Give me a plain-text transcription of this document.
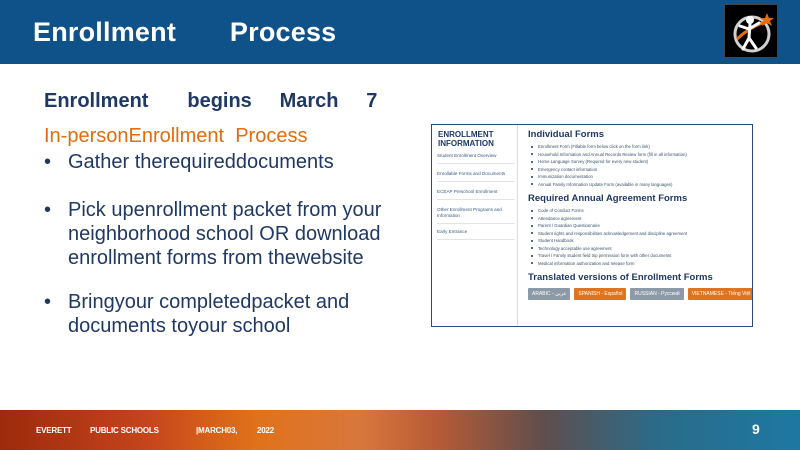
Enrollment       Process
Enrollment       begins     March     7
In-personEnrollment  Process
• Gather therequireddocuments
• Pick upenrollment packet from your neighborhood school OR download enrollment forms from thewebsite
• Bringyour completedpacket and documents toyour school
ENROLLMENT
INFORMATION
Student Enrollment Overview
Enrollable Forms and Documents
ECEAP Preschool Enrollment
Other Enrollment Programs and Information
Early Entrance
Individual Forms
Enrollment Form (Fillable form below click on the form link)
Household Information and Annual Records Review form (fill in all information)
Home Language Survey (Required for every new student)
Emergency contact information
Immunization documentation
Annual Family Information Update Form (available in many languages)
Required Annual Agreement Forms
Code of Conduct Forms
Attendance agreement
Parent / Guardian Questionnaire
Student rights and responsibilities acknowledgement and discipline agreement
Student Handbook
Technology acceptable use agreement
Travel / Family student field trip permission form with other documents
Medical information authorization and release form
Translated versions of Enrollment Forms
ARABIC - عربي	SPANISH - Español	RUSSIAN - Русский	VIETNAMESE - Tiếng Việt
EVERETT PUBLIC SCHOOLS	|MARCH03, 2022	9
